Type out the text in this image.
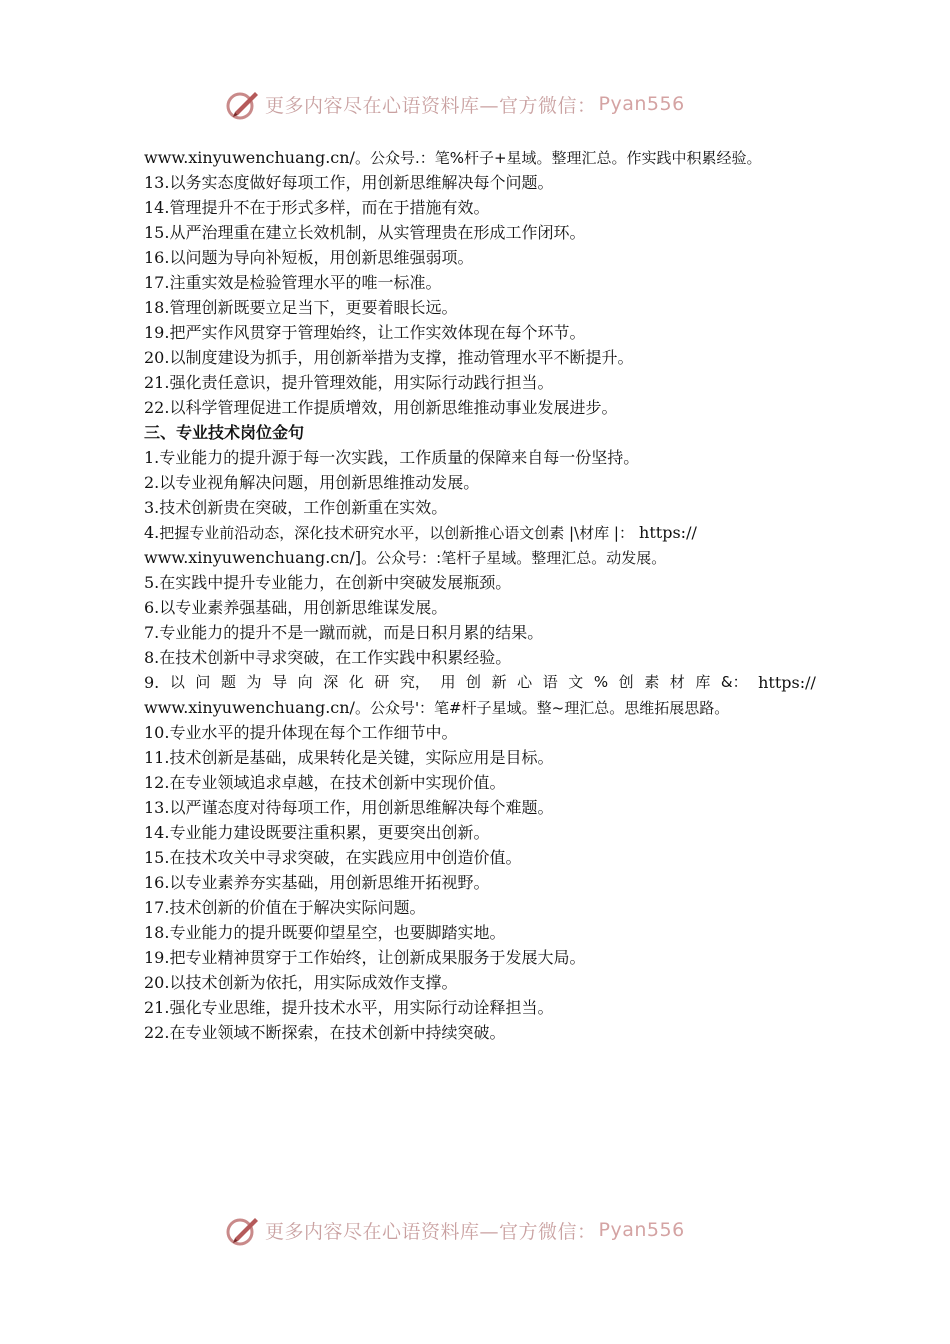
更多内容尽在心语资料库—官方微信： Pyan556
www.xinyuwenchuang.cn/。公众号.：笔%杆子+星域。整理汇总。作实践中积累经验。
13.以务实态度做好每项工作，用创新思维解决每个问题。
14.管理提升不在于形式多样，而在于措施有效。
15.从严治理重在建立长效机制，从实管理贵在形成工作闭环。
16.以问题为导向补短板，用创新思维强弱项。
17.注重实效是检验管理水平的唯一标准。
18.管理创新既要立足当下，更要着眼长远。
19.把严实作风贯穿于管理始终，让工作实效体现在每个环节。
20.以制度建设为抓手，用创新举措为支撑，推动管理水平不断提升。
21.强化责任意识，提升管理效能，用实际行动践行担当。
22.以科学管理促进工作提质增效，用创新思维推动事业发展进步。
三、专业技术岗位金句
1.专业能力的提升源于每一次实践，工作质量的保障来自每一份坚持。
2.以专业视角解决问题，用创新思维推动发展。
3.技术创新贵在突破，工作创新重在实效。
4.把握专业前沿动态，深化技术研究水平，以创新推心语文创素 |\材库 |： https://
www.xinyuwenchuang.cn/]。公众号：:笔杆子星域。整理汇总。动发展。
5.在实践中提升专业能力，在创新中突破发展瓶颈。
6.以专业素养强基础，用创新思维谋发展。
7.专业能力的提升不是一蹴而就，而是日积月累的结果。
8.在技术创新中寻求突破，在工作实践中积累经验。
9. 以 问 题 为 导 向 深 化 研 究， 用 创 新 心 语 文 % 创 素 材 库 &： https://
www.xinyuwenchuang.cn/。公众号'：笔#杆子星域。整~理汇总。思维拓展思路。
10.专业水平的提升体现在每个工作细节中。
11.技术创新是基础，成果转化是关键，实际应用是目标。
12.在专业领域追求卓越，在技术创新中实现价值。
13.以严谨态度对待每项工作，用创新思维解决每个难题。
14.专业能力建设既要注重积累，更要突出创新。
15.在技术攻关中寻求突破，在实践应用中创造价值。
16.以专业素养夯实基础，用创新思维开拓视野。
17.技术创新的价值在于解决实际问题。
18.专业能力的提升既要仰望星空，也要脚踏实地。
19.把专业精神贯穿于工作始终，让创新成果服务于发展大局。
20.以技术创新为依托，用实际成效作支撑。
21.强化专业思维，提升技术水平，用实际行动诠释担当。
22.在专业领域不断探索，在技术创新中持续突破。
更多内容尽在心语资料库—官方微信： Pyan556
